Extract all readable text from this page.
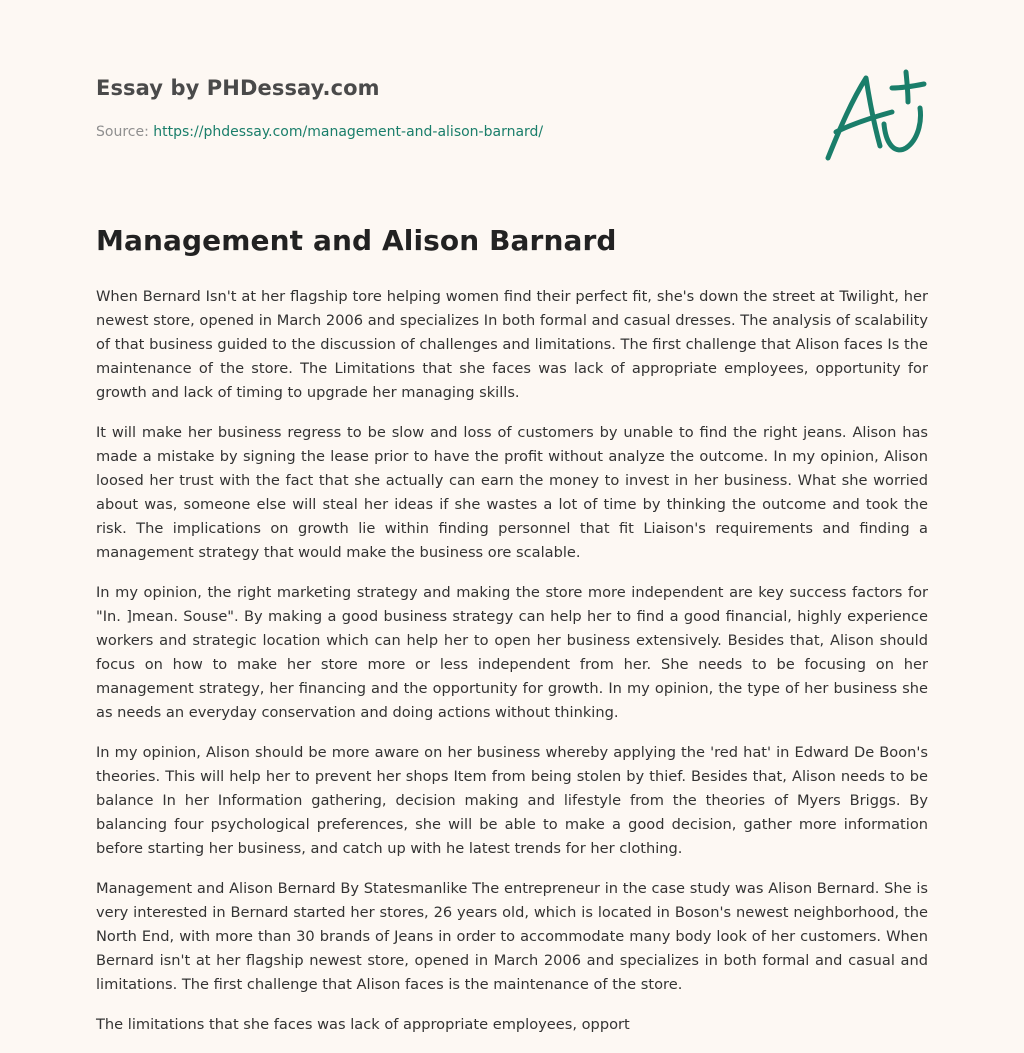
Essay by PHDessay.com
Source: https://phdessay.com/management-and-alison-barnard/
Management and Alison Barnard

When Bernard Isn't at her flagship tore helping women find their perfect fit, she's down the street at Twilight, her newest store, opened in March 2006 and specializes In both formal and casual dresses. The analysis of scalability of that business guided to the discussion of challenges and limitations. The first challenge that Alison faces Is the maintenance of the store. The Limitations that she faces was lack of appropriate employees, opportunity for growth and lack of timing to upgrade her managing skills.

It will make her business regress to be slow and loss of customers by unable to find the right jeans. Alison has made a mistake by signing the lease prior to have the profit without analyze the outcome. In my opinion, Alison loosed her trust with the fact that she actually can earn the money to invest in her business. What she worried about was, someone else will steal her ideas if she wastes a lot of time by thinking the outcome and took the risk. The implications on growth lie within finding personnel that fit Liaison's requirements and finding a management strategy that would make the business ore scalable.

In my opinion, the right marketing strategy and making the store more independent are key success factors for "In. ]mean. Souse". By making a good business strategy can help her to find a good financial, highly experience workers and strategic location which can help her to open her business extensively. Besides that, Alison should focus on how to make her store more or less independent from her. She needs to be focusing on her management strategy, her financing and the opportunity for growth. In my opinion, the type of her business she as needs an everyday conservation and doing actions without thinking.

In my opinion, Alison should be more aware on her business whereby applying the 'red hat' in Edward De Boon's theories. This will help her to prevent her shops Item from being stolen by thief. Besides that, Alison needs to be balance In her Information gathering, decision making and lifestyle from the theories of Myers Briggs. By balancing four psychological preferences, she will be able to make a good decision, gather more information before starting her business, and catch up with he latest trends for her clothing.

Management and Alison Bernard By Statesmanlike The entrepreneur in the case study was Alison Bernard. She is very interested in Bernard started her stores, 26 years old, which is located in Boson's newest neighborhood, the North End, with more than 30 brands of Jeans in order to accommodate many body look of her customers. When Bernard isn't at her flagship newest store, opened in March 2006 and specializes in both formal and casual and limitations. The first challenge that Alison faces is the maintenance of the store.

The limitations that she faces was lack of appropriate employees, opport
